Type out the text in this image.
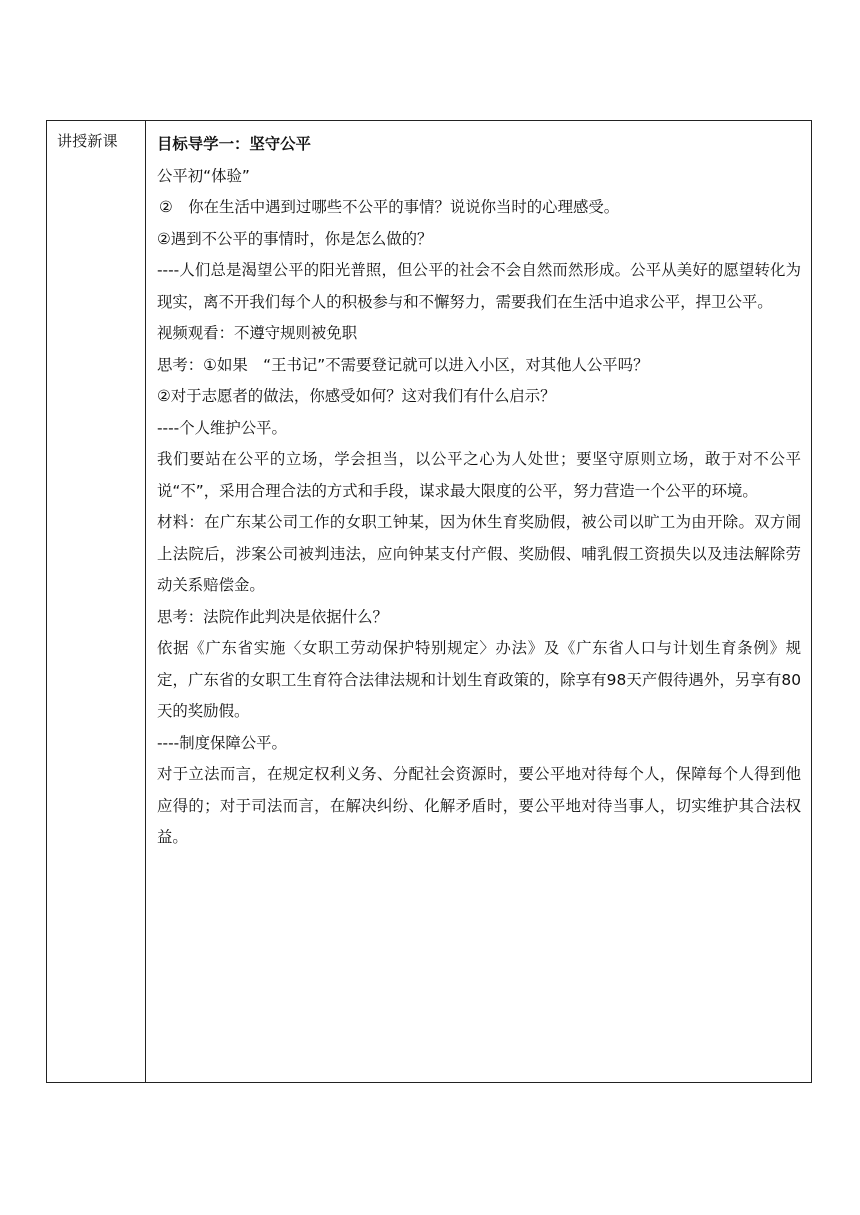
讲授新课	目标导学一：坚守公平

公平初“体验”

②　你在生活中遇到过哪些不公平的事情？说说你当时的心理感受。

②遇到不公平的事情时，你是怎么做的？

----人们总是渴望公平的阳光普照，但公平的社会不会自然而然形成。公平从美好的愿望转化为现实，离不开我们每个人的积极参与和不懈努力，需要我们在生活中追求公平，捍卫公平。

视频观看：不遵守规则被免职

思考：①如果　“王书记”不需要登记就可以进入小区，对其他人公平吗？

②对于志愿者的做法，你感受如何？这对我们有什么启示？

----个人维护公平。

我们要站在公平的立场，学会担当，以公平之心为人处世；要坚守原则立场，敢于对不公平说“不”，采用合理合法的方式和手段，谋求最大限度的公平，努力营造一个公平的环境。

材料：在广东某公司工作的女职工钟某，因为休生育奖励假，被公司以旷工为由开除。双方闹上法院后，涉案公司被判违法，应向钟某支付产假、奖励假、哺乳假工资损失以及违法解除劳动关系赔偿金。

思考：法院作此判决是依据什么？

依据《广东省实施〈女职工劳动保护特别规定〉办法》及《广东省人口与计划生育条例》规定，广东省的女职工生育符合法律法规和计划生育政策的，除享有98天产假待遇外，另享有80天的奖励假。

----制度保障公平。

对于立法而言，在规定权利义务、分配社会资源时，要公平地对待每个人，保障每个人得到他应得的；对于司法而言，在解决纠纷、化解矛盾时，要公平地对待当事人，切实维护其合法权益。
